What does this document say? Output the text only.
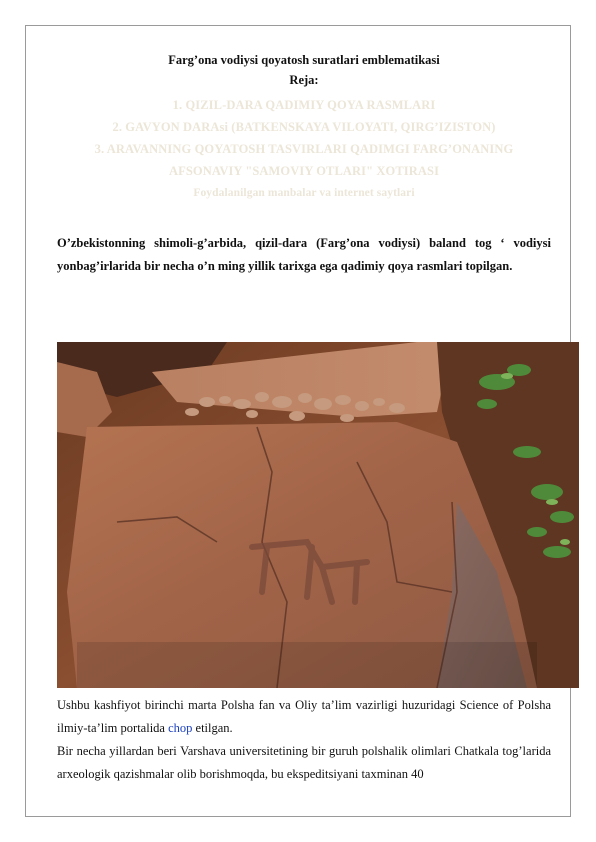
Farg’ona vodiysi qoyatosh suratlari emblematikasi
Reja:
1. QIZIL-DARA QADIMIY QOYA RASMLARI
2. GAVYON DARAsi (BATKENSKAYA VILOYATI, QIRG’IZISTON)
3. ARAVANNING QOYATOSH TASVIRLARI QADIMGI FARG’ONANING
AFSONAVIY "SAMOVIY OTLARI" XOTIRASI
Foydalanilgan manbalar va internet saytlari

O’zbekistonning shimoli-g’arbida, qizil-dara (Farg’ona vodiysi) baland tog ‘ vodiysi yonbag’irlarida bir necha o’n ming yillik tarixga ega qadimiy qoya rasmlari topilgan.

Ushbu kashfiyot birinchi marta Polsha fan va Oliy ta’lim vazirligi huzuridagi Science of Polsha ilmiy-ta’lim portalida chop etilgan.

Bir necha yillardan beri Varshava universitetining bir guruh polshalik olimlari Chatkala tog’larida arxeologik qazishmalar olib borishmoqda, bu ekspeditsiyani taxminan 40
